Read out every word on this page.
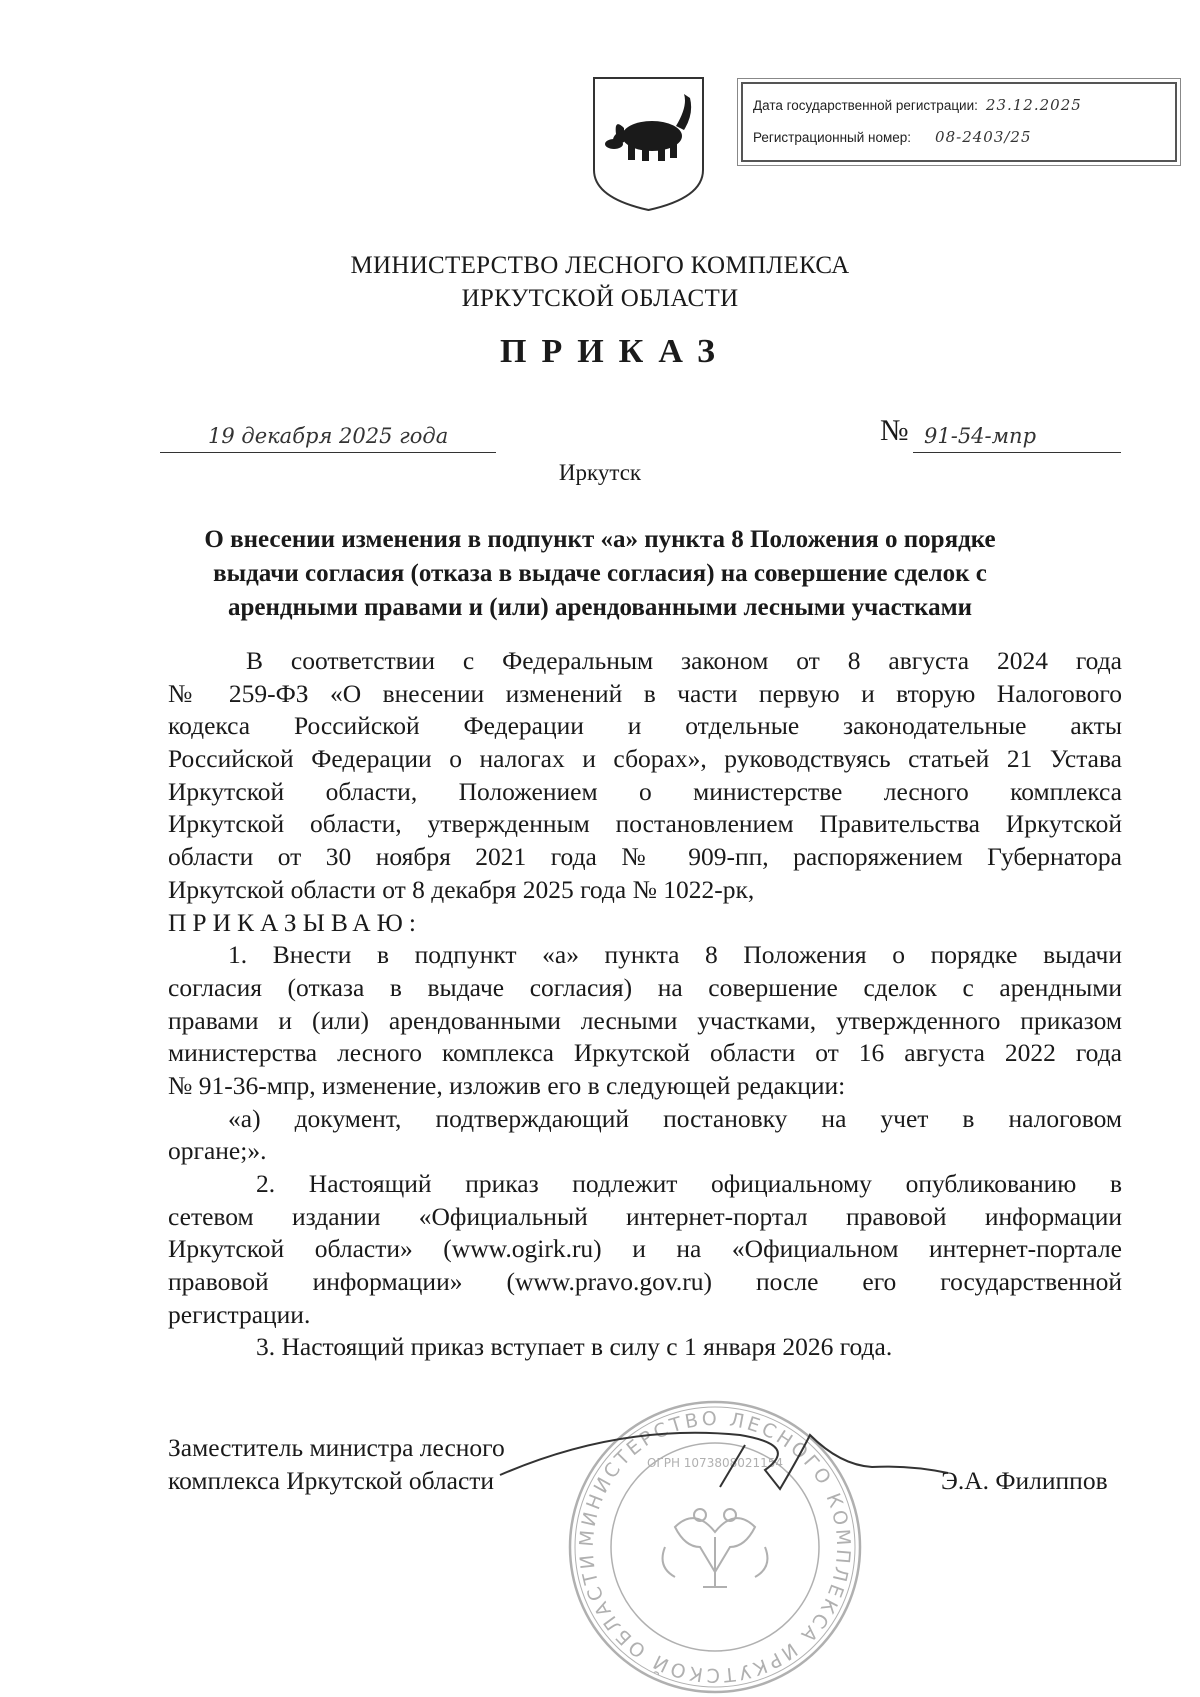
Дата государственной регистрации: 23.12.2025
Регистрационный номер: 08-2403/25
МИНИСТЕРСТВО ЛЕСНОГО КОМПЛЕКСА
ИРКУТСКОЙ ОБЛАСТИ
ПРИКАЗ
19 декабря 2025 года	№ 91-54-мпр
Иркутск
О внесении изменения в подпункт «а» пункта 8 Положения о порядке
выдачи согласия (отказа в выдаче согласия) на совершение сделок с
арендными правами и (или) арендованными лесными участками
В соответствии с Федеральным законом от 8 августа 2024 года
№ 259-ФЗ «О внесении изменений в части первую и вторую Налогового
кодекса Российской Федерации и отдельные законодательные акты
Российской Федерации о налогах и сборах», руководствуясь статьей 21 Устава
Иркутской области, Положением о министерстве лесного комплекса
Иркутской области, утвержденным постановлением Правительства Иркутской
области от 30 ноября 2021 года № 909-пп, распоряжением Губернатора
Иркутской области от 8 декабря 2025 года № 1022-рк,
ПРИКАЗЫВАЮ:
1. Внести в подпункт «а» пункта 8 Положения о порядке выдачи
согласия (отказа в выдаче согласия) на совершение сделок с арендными
правами и (или) арендованными лесными участками, утвержденного приказом
министерства лесного комплекса Иркутской области от 16 августа 2022 года
№ 91-36-мпр, изменение, изложив его в следующей редакции:
«а) документ, подтверждающий постановку на учет в налоговом
органе;».
2. Настоящий приказ подлежит официальному опубликованию в
сетевом издании «Официальный интернет-портал правовой информации
Иркутской области» (www.ogirk.ru) и на «Официальном интернет-портале
правовой информации» (www.pravo.gov.ru) после его государственной
регистрации.
3. Настоящий приказ вступает в силу с 1 января 2026 года.
МИНИСТЕРСТВО ЛЕСНОГО КОМПЛЕКСА ИРКУТСКОЙ ОБЛАСТИ
ОГРН 1073808021154
Заместитель министра лесного
комплекса Иркутской области	Э.А. Филиппов
